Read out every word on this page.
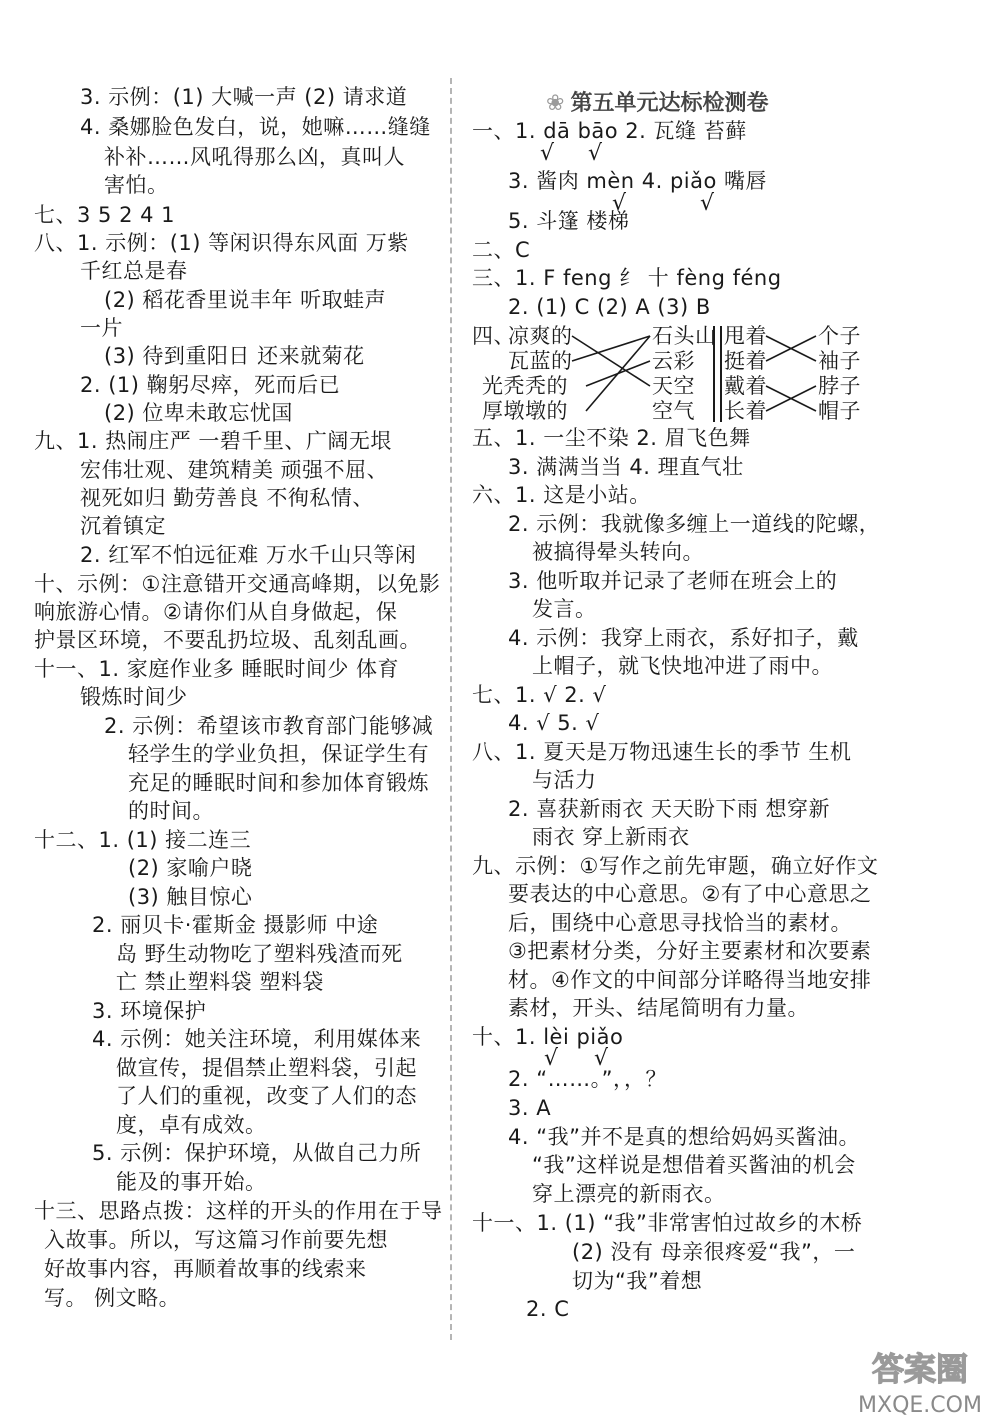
❀ 第五单元达标检测卷
3. 示例：(1) 大喊一声 (2) 请求道
4. 桑娜脸色发白，说，她嘛……缝缝
补补……风吼得那么凶，真叫人
害怕。
七、3 5 2 4 1
八、1. 示例：(1) 等闲识得东风面 万紫
千红总是春
(2) 稻花香里说丰年 听取蛙声
一片
(3) 待到重阳日 还来就菊花
2. (1) 鞠躬尽瘁，死而后已
(2) 位卑未敢忘忧国
九、1. 热闹庄严 一碧千里、广阔无垠
宏伟壮观、建筑精美 顽强不屈、
视死如归 勤劳善良 不徇私情、
沉着镇定
2. 红军不怕远征难 万水千山只等闲
十、示例：①注意错开交通高峰期，以免影
响旅游心情。②请你们从自身做起，保
护景区环境，不要乱扔垃圾、乱刻乱画。
十一、1. 家庭作业多 睡眠时间少 体育
锻炼时间少
2. 示例：希望该市教育部门能够减
轻学生的学业负担，保证学生有
充足的睡眠时间和参加体育锻炼
的时间。
十二、1. (1) 接二连三
(2) 家喻户晓
(3) 触目惊心
2. 丽贝卡·霍斯金 摄影师 中途
岛 野生动物吃了塑料残渣而死
亡 禁止塑料袋 塑料袋
3. 环境保护
4. 示例：她关注环境，利用媒体来
做宣传，提倡禁止塑料袋，引起
了人们的重视，改变了人们的态
度，卓有成效。
5. 示例：保护环境，从做自己力所
能及的事开始。
十三、思路点拨：这样的开头的作用在于导
入故事。所以，写这篇习作前要先想
好故事内容，再顺着故事的线索来
写。 例文略。
一、1. dā bāo 2. 瓦缝 苔藓
3. 酱肉 mèn 4. piǎo 嘴唇
5. 斗篷 楼梯
二、C
三、1. F feng 纟 十 fèng féng
2. (1) C (2) A (3) B
五、1. 一尘不染 2. 眉飞色舞
3. 满满当当 4. 理直气壮
六、1. 这是小站。
2. 示例：我就像多缠上一道线的陀螺，
被搞得晕头转向。
3. 他听取并记录了老师在班会上的
发言。
4. 示例：我穿上雨衣，系好扣子，戴
上帽子，就飞快地冲进了雨中。
七、1. √ 2. √
4. √ 5. √
八、1. 夏天是万物迅速生长的季节 生机
与活力
2. 喜获新雨衣 天天盼下雨 想穿新
雨衣 穿上新雨衣
九、示例：①写作之前先审题，确立好作文
要表达的中心意思。②有了中心意思之
后，围绕中心意思寻找恰当的素材。
③把素材分类，分好主要素材和次要素
材。④作文的中间部分详略得当地安排
素材，开头、结尾简明有力量。
十、1. lèi piǎo
2. “……。”，，？
3. A
4. “我”并不是真的想给妈妈买酱油。
“我”这样说是想借着买酱油的机会
穿上漂亮的新雨衣。
十一、1. (1) “我”非常害怕过故乡的木桥
(2) 没有 母亲很疼爱“我”，一
切为“我”着想
2. C
√ √
√	√
√ √
四、
凉爽的
瓦蓝的
光秃秃的
厚墩墩的
石头山
云彩
天空
空气
甩着
挺着
戴着
长着
个子
袖子
脖子
帽子
答案圈
MXQE.COM
